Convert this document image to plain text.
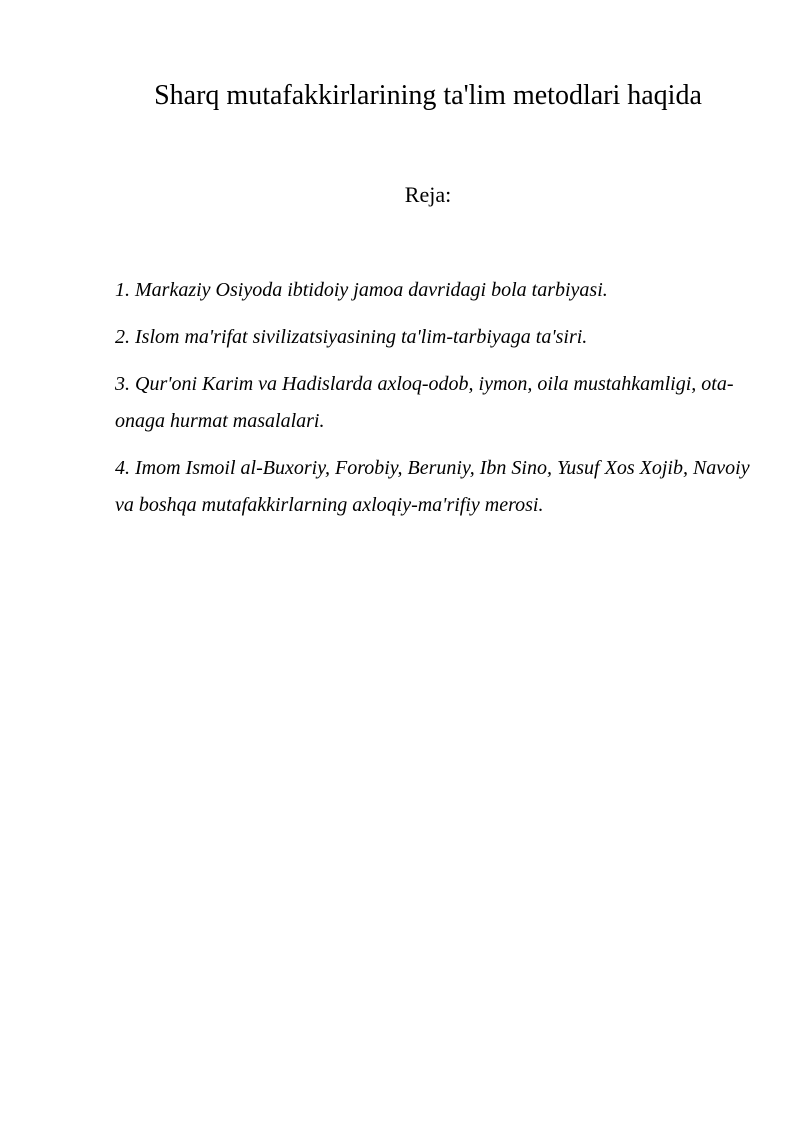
Sharq mutafakkirlarining ta'lim metodlari haqida
Reja:
1. Markaziy Osiyoda ibtidoiy jamoa davridagi bola tarbiyasi.
2. Islom ma'rifat sivilizatsiyasining ta'lim-tarbiyaga ta'siri.
3. Qur'oni Karim va Hadislarda axloq-odob, iymon, oila mustahkamligi, ota-onaga hurmat masalalari.
4. Imom Ismoil al-Buxoriy, Forobiy, Beruniy, Ibn Sino, Yusuf Xos Xojib, Navoiy va boshqa mutafakkirlarning axloqiy-ma'rifiy merosi.
